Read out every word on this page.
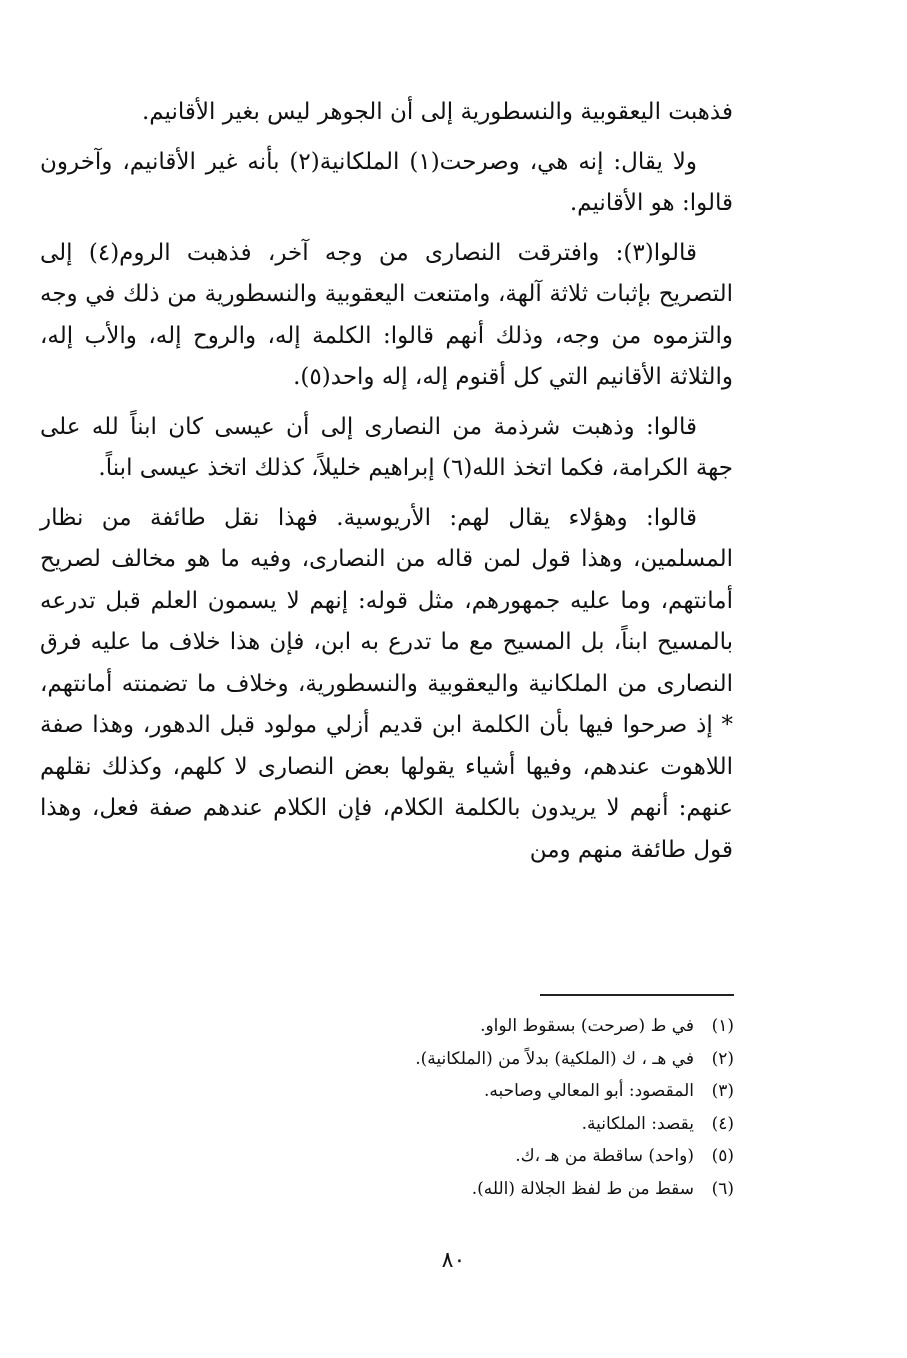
فذهبت اليعقوبية والنسطورية إلى أن الجوهر ليس بغير الأقانيم.

ولا يقال: إنه هي، وصرحت(١) الملكانية(٢) بأنه غير الأقانيم، وآخرون قالوا: هو الأقانيم.

قالوا(٣): وافترقت النصارى من وجه آخر، فذهبت الروم(٤) إلى التصريح بإثبات ثلاثة آلهة، وامتنعت اليعقوبية والنسطورية من ذلك في وجه والتزموه من وجه، وذلك أنهم قالوا: الكلمة إله، والروح إله، والأب إله، والثلاثة الأقانيم التي كل أقنوم إله، إله واحد(٥).

قالوا: وذهبت شرذمة من النصارى إلى أن عيسى كان ابناً لله على جهة الكرامة، فكما اتخذ الله(٦) إبراهيم خليلاً، كذلك اتخذ عيسى ابناً.

قالوا: وهؤلاء يقال لهم: الأريوسية. فهذا نقل طائفة من نظار المسلمين، وهذا قول لمن قاله من النصارى، وفيه ما هو مخالف لصريح أمانتهم، وما عليه جمهورهم، مثل قوله: إنهم لا يسمون العلم قبل تدرعه بالمسيح ابناً، بل المسيح مع ما تدرع به ابن، فإن هذا خلاف ما عليه فرق النصارى من الملكانية واليعقوبية والنسطورية، وخلاف ما تضمنته أمانتهم، * إذ صرحوا فيها بأن الكلمة ابن قديم أزلي مولود قبل الدهور، وهذا صفة اللاهوت عندهم، وفيها أشياء يقولها بعض النصارى لا كلهم، وكذلك نقلهم عنهم: أنهم لا يريدون بالكلمة الكلام، فإن الكلام عندهم صفة فعل، وهذا قول طائفة منهم ومن

(١)في ط (صرحت) بسقوط الواو.
(٢)في هـ ، ك (الملكية) بدلاً من (الملكانية).
(٣)المقصود: أبو المعالي وصاحبه.
(٤)يقصد: الملكانية.
(٥)(واحد) ساقطة من هـ ،ك.
(٦)سقط من ط لفظ الجلالة (الله).
٨٠
